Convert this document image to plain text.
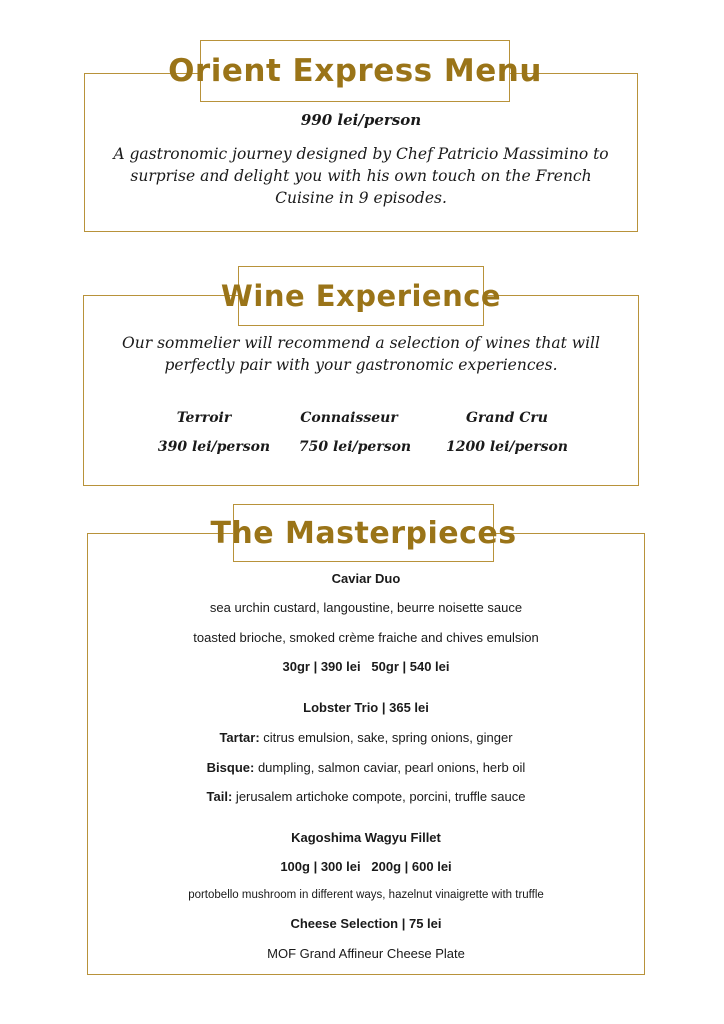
990 lei/person
A gastronomic journey designed by Chef Patricio Massimino to surprise and delight you with his own touch on the French Cuisine in 9 episodes.
Orient Express Menu
Our sommelier will recommend a selection of wines that will perfectly pair with your gastronomic experiences.
Terroir
390 lei/person
Connaisseur
750 lei/person
Grand Cru
1200 lei/person
Wine Experience
Caviar Duo
sea urchin custard, langoustine, beurre noisette sauce
toasted brioche, smoked crème fraiche and chives emulsion
30gr | 390 lei   50gr | 540 lei
Lobster Trio | 365 lei
Tartar: citrus emulsion, sake, spring onions, ginger
Bisque: dumpling, salmon caviar, pearl onions, herb oil
Tail: jerusalem artichoke compote, porcini, truffle sauce
Kagoshima Wagyu Fillet
100g | 300 lei   200g | 600 lei
portobello mushroom in different ways, hazelnut vinaigrette with truffle
Cheese Selection | 75 lei
MOF Grand Affineur Cheese Plate
The Masterpieces
